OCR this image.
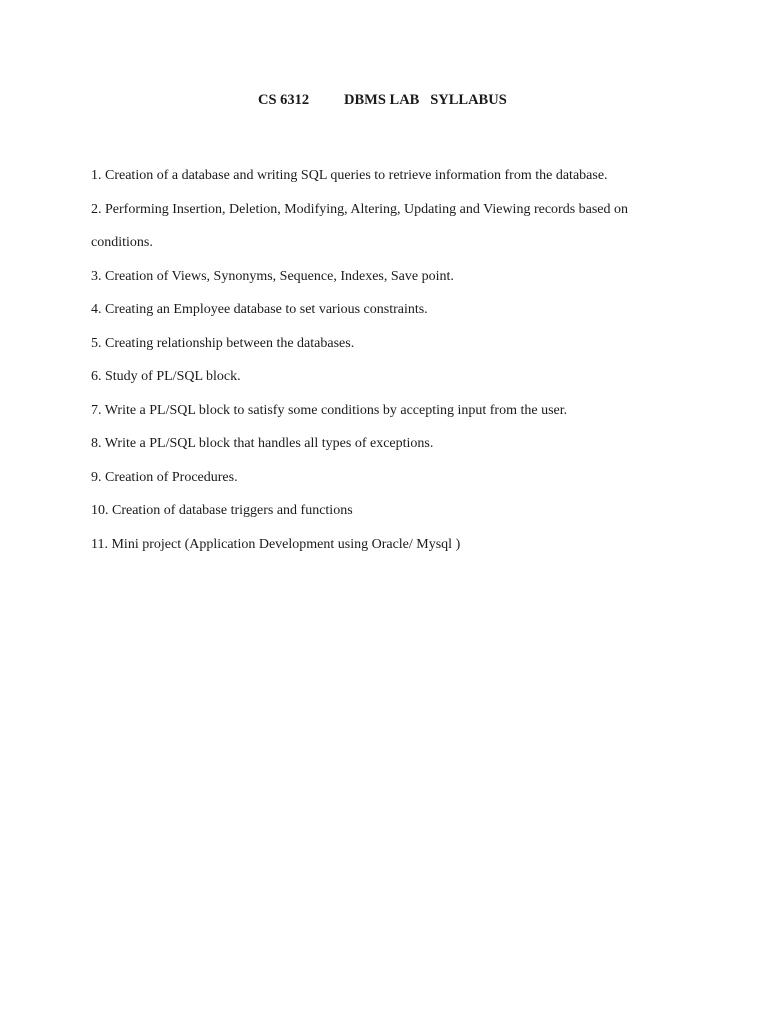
CS 6312 DBMS LAB   SYLLABUS
1. Creation of a database and writing SQL queries to retrieve information from the database.
2. Performing Insertion, Deletion, Modifying, Altering, Updating and Viewing records based on
conditions.
3. Creation of Views, Synonyms, Sequence, Indexes, Save point.
4. Creating an Employee database to set various constraints.
5. Creating relationship between the databases.
6. Study of PL/SQL block.
7. Write a PL/SQL block to satisfy some conditions by accepting input from the user.
8. Write a PL/SQL block that handles all types of exceptions.
9. Creation of Procedures.
10. Creation of database triggers and functions
11. Mini project (Application Development using Oracle/ Mysql )
